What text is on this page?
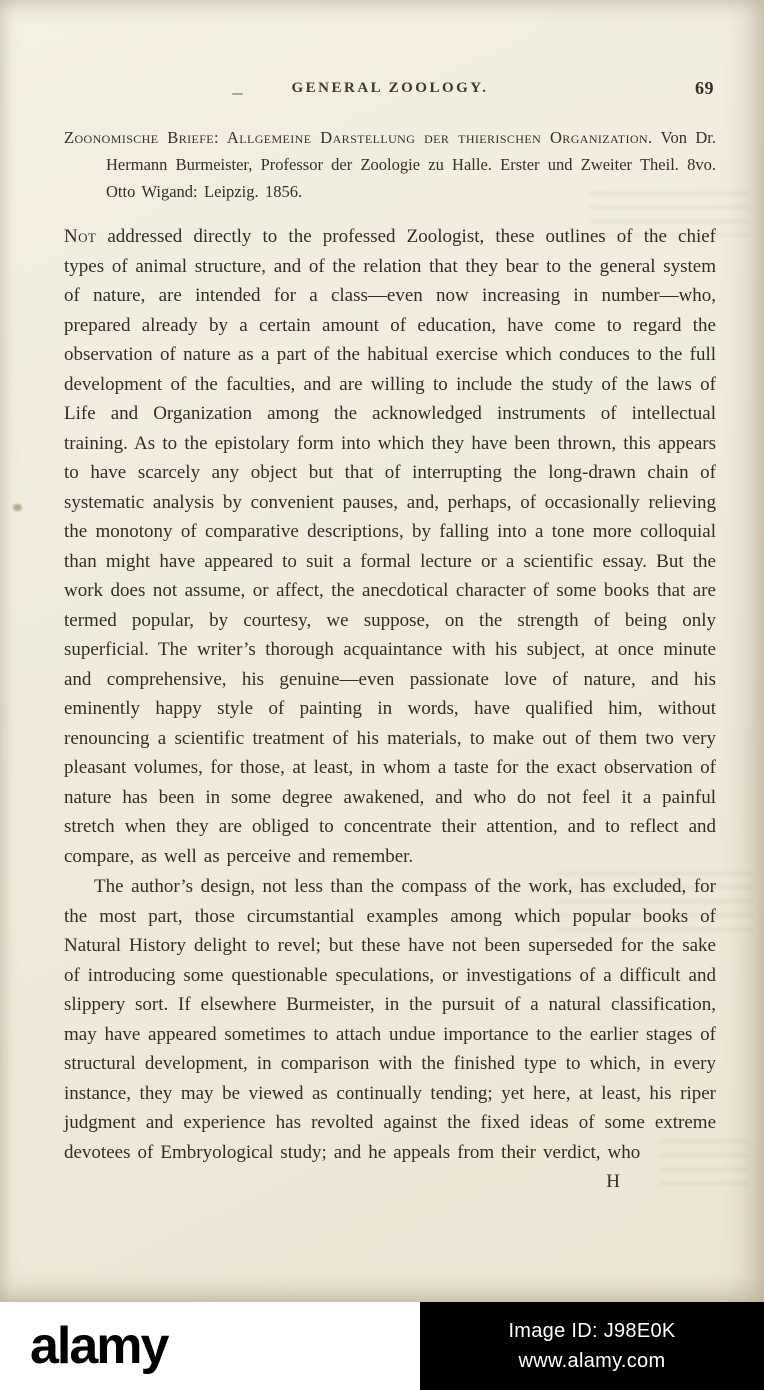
GENERAL ZOOLOGY.	69
Zoonomische Briefe: Allgemeine Darstellung der thierischen Organization. Von Dr. Hermann Burmeister, Professor der Zoologie zu Halle. Erster und Zweiter Theil. 8vo. Otto Wigand: Leipzig. 1856.

Not addressed directly to the professed Zoologist, these outlines of the chief types of animal structure, and of the relation that they bear to the general system of nature, are intended for a class—even now increasing in number—who, prepared already by a certain amount of education, have come to regard the observation of nature as a part of the habitual exercise which conduces to the full development of the faculties, and are willing to include the study of the laws of Life and Organization among the acknowledged instruments of intellectual training. As to the epistolary form into which they have been thrown, this appears to have scarcely any object but that of interrupting the long-drawn chain of systematic analysis by convenient pauses, and, perhaps, of occasionally relieving the monotony of comparative descriptions, by falling into a tone more colloquial than might have appeared to suit a formal lecture or a scientific essay. But the work does not assume, or affect, the anecdotical character of some books that are termed popular, by courtesy, we suppose, on the strength of being only superficial. The writer’s thorough acquaintance with his subject, at once minute and comprehensive, his genuine—even passionate love of nature, and his eminently happy style of painting in words, have qualified him, without renouncing a scientific treatment of his materials, to make out of them two very pleasant volumes, for those, at least, in whom a taste for the exact observation of nature has been in some degree awakened, and who do not feel it a painful stretch when they are obliged to concentrate their attention, and to reflect and compare, as well as perceive and remember.

The author’s design, not less than the compass of the work, has excluded, for the most part, those circumstantial examples among which popular books of Natural History delight to revel; but these have not been superseded for the sake of introducing some questionable speculations, or investigations of a difficult and slippery sort. If elsewhere Burmeister, in the pursuit of a natural classification, may have appeared sometimes to attach undue importance to the earlier stages of structural development, in comparison with the finished type to which, in every instance, they may be viewed as continually tending; yet here, at least, his riper judgment and experience has revolted against the fixed ideas of some extreme devotees of Embryological study; and he appeals from their verdict, who

H
alamy	Image ID: J98E0K
www.alamy.com
